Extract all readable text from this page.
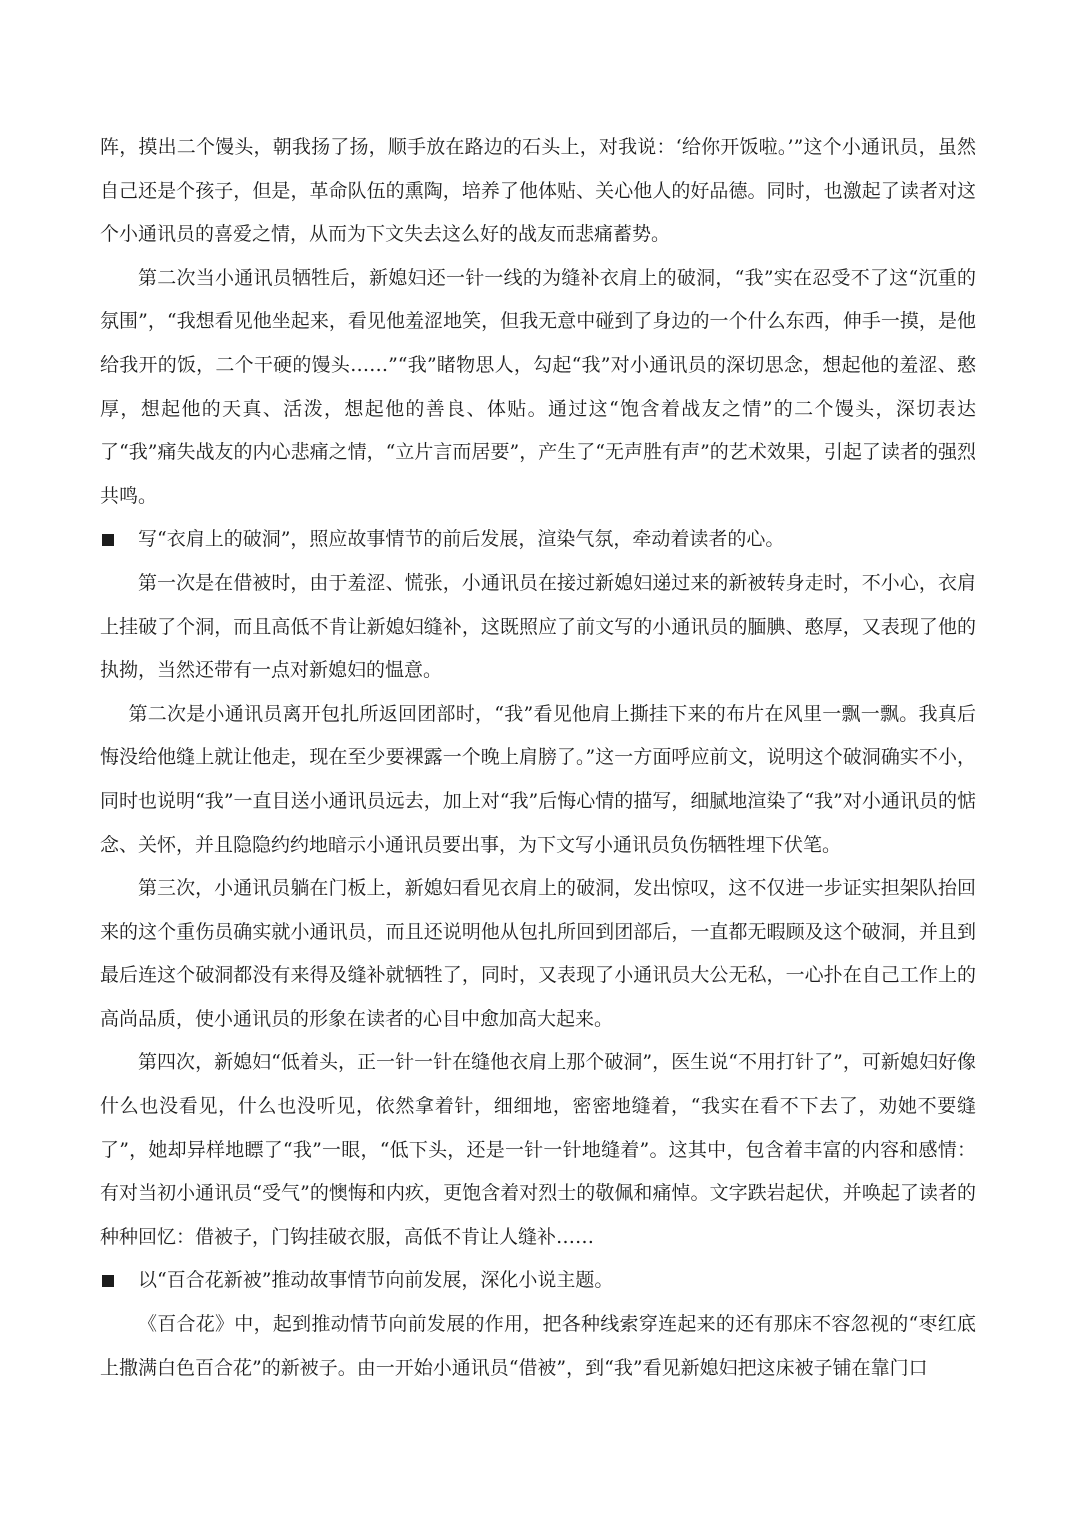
阵，摸出二个馒头，朝我扬了扬，顺手放在路边的石头上，对我说：‘给你开饭啦。’”这个小通讯员，虽然自己还是个孩子，但是，革命队伍的熏陶，培养了他体贴、关心他人的好品德。同时，也激起了读者对这个小通讯员的喜爱之情，从而为下文失去这么好的战友而悲痛蓄势。

第二次当小通讯员牺牲后，新媳妇还一针一线的为缝补衣肩上的破洞，“我”实在忍受不了这“沉重的氛围”，“我想看见他坐起来，看见他羞涩地笑，但我无意中碰到了身边的一个什么东西，伸手一摸，是他给我开的饭，二个干硬的馒头……”“我”睹物思人，勾起“我”对小通讯员的深切思念，想起他的羞涩、憨厚，想起他的天真、活泼，想起他的善良、体贴。通过这“饱含着战友之情”的二个馒头，深切表达了“我”痛失战友的内心悲痛之情，“立片言而居要”，产生了“无声胜有声”的艺术效果，引起了读者的强烈共鸣。

写“衣肩上的破洞”，照应故事情节的前后发展，渲染气氛，牵动着读者的心。

第一次是在借被时，由于羞涩、慌张，小通讯员在接过新媳妇递过来的新被转身走时，不小心，衣肩上挂破了个洞，而且高低不肯让新媳妇缝补，这既照应了前文写的小通讯员的腼腆、憨厚，又表现了他的执拗，当然还带有一点对新媳妇的愠意。

第二次是小通讯员离开包扎所返回团部时，“我”看见他肩上撕挂下来的布片在风里一飘一飘。我真后悔没给他缝上就让他走，现在至少要裸露一个晚上肩膀了。”这一方面呼应前文，说明这个破洞确实不小，同时也说明“我”一直目送小通讯员远去，加上对“我”后悔心情的描写，细腻地渲染了“我”对小通讯员的惦念、关怀，并且隐隐约约地暗示小通讯员要出事，为下文写小通讯员负伤牺牲埋下伏笔。

第三次，小通讯员躺在门板上，新媳妇看见衣肩上的破洞，发出惊叹，这不仅进一步证实担架队抬回来的这个重伤员确实就小通讯员，而且还说明他从包扎所回到团部后，一直都无暇顾及这个破洞，并且到最后连这个破洞都没有来得及缝补就牺牲了，同时，又表现了小通讯员大公无私，一心扑在自己工作上的高尚品质，使小通讯员的形象在读者的心目中愈加高大起来。

第四次，新媳妇“低着头，正一针一针在缝他衣肩上那个破洞”，医生说“不用打针了”，可新媳妇好像什么也没看见，什么也没听见，依然拿着针，细细地，密密地缝着，“我实在看不下去了，劝她不要缝了”，她却异样地瞟了“我”一眼，“低下头，还是一针一针地缝着”。这其中，包含着丰富的内容和感情：有对当初小通讯员“受气”的懊悔和内疚，更饱含着对烈士的敬佩和痛悼。文字跌岩起伏，并唤起了读者的种种回忆：借被子，门钩挂破衣服，高低不肯让人缝补……

以“百合花新被”推动故事情节向前发展，深化小说主题。

《百合花》中，起到推动情节向前发展的作用，把各种线索穿连起来的还有那床不容忽视的“枣红底上撒满白色百合花”的新被子。由一开始小通讯员“借被”，到“我”看见新媳妇把这床被子铺在靠门口
